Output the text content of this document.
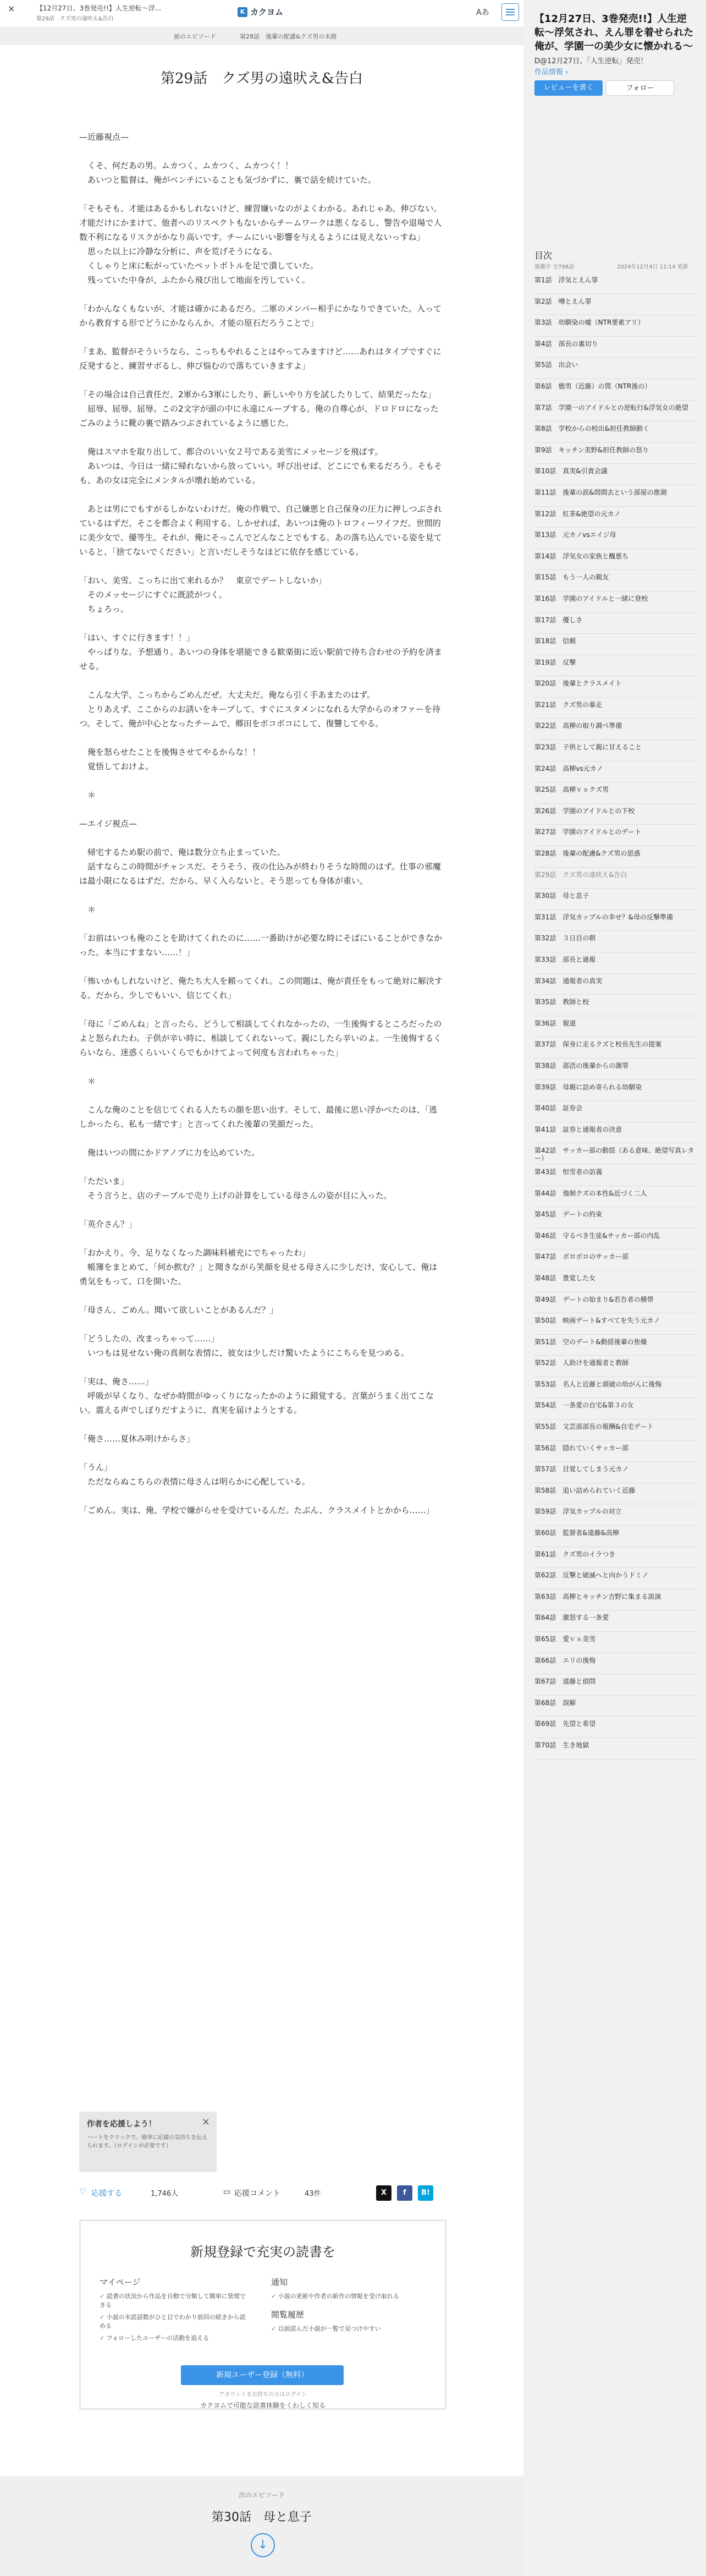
×	【12月27日、3巻発売!!】人生逆転〜浮...
第29話　クズ男の遠吠え&告白
K カクヨム	Aあ
前のエピソード	第28話　後輩の配慮&クズ男の末路
第29話　クズ男の遠吠え&告白

—近藤視点—

　くそ、何だあの男。ムカつく、ムカつく、ムカつく！！

　あいつと監督は、俺がベンチにいることも気づかずに、裏で話を続けていた。

「そもそも、才能はあるかもしれないけど、練習嫌いなのがよくわかる。あれじゃあ、伸びない。才能だけにかまけて、他者へのリスペクトもないからチームワークは悪くなるし、警告や退場で人数不利になるリスクがかなり高いです。チームにいい影響を与えるようには見えないっすね」

　思った以上に冷静な分析に、声を荒げそうになる。

　くしゃりと床に転がっていたペットボトルを足で潰していた。

　残っていた中身が、ふたから飛び出して地面を汚していく。

「わかんなくもないが、才能は確かにあるだろ。二軍のメンバー相手にかなりできていた。入ってから教育する形でどうにかならんか。才能の原石だろうことで」

「まあ、監督がそういうなら、こっちもやれることはやってみますけど……あれはタイプですぐに反発すると、練習サボるし、伸び悩むので落ちていきますよ」

「その場合は自己責任だ。2軍から3軍にしたり、新しいやり方を試したりして、結果だったな」

　屈辱、屈辱、屈辱。この2文字が頭の中に永遠にループする。俺の自尊心が、ドロドロになったごみのように靴の裏で踏みつぶされているように感じた。

　俺はスマホを取り出して、都合のいい女２号である美雪にメッセージを飛ばす。

　あいつは、今日は一緒に帰れないから放っていい。呼び出せば、どこにでも来るだろう。そもそも、あの女は完全にメンタルが壊れ始めている。

　あとは男にでもすがるしかないわけだ。俺の作戦で、自己嫌悪と自己保身の圧力に押しつぶされているはずだ。そこを都合よく利用する。しかせれば、あいつは俺のトロフィーワイフだ。世間的に美少女で、優等生。それが、俺にそっこんでどんなことでもする。あの落ち込んでいる姿を見ていると、「捨てないでください」と言いだしそうなほどに依存を感じている。

「おい、美雪。こっちに出て来れるか？　東京でデートしないか」

　そのメッセージにすぐに既読がつく。

　ちょろっ。

「はい、すぐに行きます！！」

　やっぱりな。予想通り。あいつの身体を堪能できる歓楽街に近い駅前で待ち合わせの予約を済ませる。

　こんな大学、こっちからごめんだぜ。大丈夫だ。俺なら引く手あまたのはず。

　とりあえず、ここからのお誘いをキープして、すぐにスタメンになれる大学からのオファーを待つ。そして、俺が中心となったチームで、郷田をボコボコにして、復讐してやる。

　俺を怒らせたことを後悔させてやるからな！！

　覚悟しておけよ。

　＊

—エイジ視点—

　帰宅するため駅の前で、俺は数分立ち止まっていた。

　話すならこの時間がチャンスだ。そうそう、夜の仕込みが終わりそうな時間のはず。仕事の邪魔は最小限になるはずだ。だから、早く入らないと。そう思っても身体が重い。

　＊

「お前はいつも俺のことを助けてくれたのに……一番助けが必要な時にそばにいることができなかった。本当にすまない……！」

「怖いかもしれないけど、俺たち大人を頼ってくれ。この問題は、俺が責任をもって絶対に解決する。だから、少しでもいい、信じてくれ」

「母に「ごめんね」と言ったら、どうして相談してくれなかったの、一生後悔するところだったのよと怒られたわ。子供が辛い時に、相談してくれないって。親にしたら辛いのよ。一生後悔するくらいなら、迷惑くらいいくらでもかけてよって何度も言われちゃった」

　＊

　こんな俺のことを信じてくれる人たちの顔を思い出す。そして、最後に思い浮かべたのは、「逃しかったら、私も一緒です」と言ってくれた後輩の笑顔だった。

　俺はいつの間にかドアノブに力を込めていた。

「ただいま」

　そう言うと、店のテーブルで売り上げの計算をしている母さんの姿が目に入った。

「英介さん？」

「おかえり。今、足りなくなった調味料補充にでちゃったわ」

　帳簿をまとめて、「何か飲む？」と聞きながら笑顔を見せる母さんに少しだけ、安心して、俺は勇気をもって、口を開いた。

「母さん、ごめん。聞いて欲しいことがあるんだ？」

「どうしたの、改まっちゃって……」

　いつもは見せない俺の真剣な表情に、彼女は少しだけ驚いたようにこちらを見つめる。

「実は、俺さ……」

　呼吸が早くなり、なぜか時間がゆっくりになったかのように錯覚する。言葉がうまく出てこない。震える声でしぼりだすように、真実を届けようとする。

「俺さ……夏休み明けからさ」

「うん」

　ただならぬこちらの表情に母さんは明らかに心配している。

「ごめん。実は、俺、学校で嫌がらせを受けているんだ。たぶん、クラスメイトとかから……」

作者を応援しよう！	×
ハートをクリックで、簡単に応援の気持ちを伝えられます。（ログインが必要です）
♡ 応援する	1,746人	▭ 応援コメント	43件	X	f	B!
新規登録で充実の読書を
マイページ
✓ 読書の状況から作品を自動で分類して簡単に管理できる
✓ 小説の未読話数がひと目でわかり前回の続きから読める
✓ フォローしたユーザーの活動を追える
通知
✓ 小説の更新や作者の新作の情報を受け取れる
閲覧履歴
✓ 以前読んだ小説が一覧で見つけやすい
新規ユーザー登録（無料）
アカウントをお持ちの方はログイン
カクヨムで可能な読書体験をくわしく知る
次のエピソード
第30話　母と息子
↓
【12月27日、3巻発売!!】人生逆転〜浮気され、えん罪を着せられた俺が、学園一の美少女に懐かれる〜
D@12月27日、「人生逆転」発売！
作品情報 ›
レビューを書く	フォロー
目次
連載中 全798話	2024年12月4日 11:14 更新
第1話　浮気とえん罪
第2話　噂とえん罪
第3話　幼馴染の嘘（NTR要素アリ）
第4話　部長の裏切り
第5話　出会い
第6話　態男（近藤）の罠（NTR後の）
第7話　学園一のアイドルとの逆転行&浮気女の絶望
第8話　学校からの校出&担任教師動く
第9話　キッチン美野&担任教師の怒り
第10話　真実&引責会議
第11話　後輩の涙&悶間去という部屋の推測
第12話　紅茶&絶望の元カノ
第13話　元カノvsエイジ母
第14話　浮気女の家族と醜悪ち
第15話　もう一人の親友
第16話　学園のアイドルと一緒に登校
第17話　優しさ
第18話　信頼
第19話　反撃
第20話　後輩とクラスメイト
第21話　クズ男の暴走
第22話　高柳の取り調べ準備
第23話　子供として親に甘えること
第24話　高柳vs元カノ
第25話　高柳ｖｓクズ男
第26話　学園のアイドルとの下校
第27話　学園のアイドルとのデート
第28話　後輩の配慮&クズ男の思惑
第29話　クズ男の遠吠え&告白
第30話　母と息子
第31話　浮気カップルの幸せ？&母の反撃準備
第32話　３日目の朝
第33話　部長と過報
第34話　通報者の真実
第35話　教師と校
第36話　報道
第37話　保身に走るクズと校長先生の提案
第38話　部活の後輩からの謝罪
第39話　母親に詰め寄られる幼馴染
第40話　証券会
第41話　証券と通報者の決意
第42話　サッカー部の動揺（ある意味、絶望写真レター）
第43話　恒雪者の訪義
第44話　強制クズの本性&近づく二人
第45話　デートの約束
第46話　守るべき生徒&サッカー部の内乱
第47話　ボロボロのサッカー部
第48話　豊覚した女
第49話　デートの始まり&若告者の横帯
第50話　映画デート&すべてを失う元カノ
第51話　空のデート&動揺後輩の焦燥
第52話　人助けを通報者と教師
第53話　名人と近藤と頭破の幼がんに後悔
第54話　一条愛の自宅&第３の女
第55話　文芸部部長の報酬&自宅デート
第56話　隠れていくサッカー部
第57話　目覚してしまう元カノ
第58話　追い詰められていく近藤
第59話　浮気カップルの対立
第60話　監督者&遠藤&高柳
第61話　クズ男のイラつき
第62話　反撃と破滅へと向かうドミノ
第63話　高柳とキッチン吉野に集まる説演
第64話　激怒する一条愛
第65話　愛ｖｓ美雪
第66話　エリの後悔
第67話　遠藤と偵問
第68話　誤解
第69話　先望と希望
第70話　生き地獄
